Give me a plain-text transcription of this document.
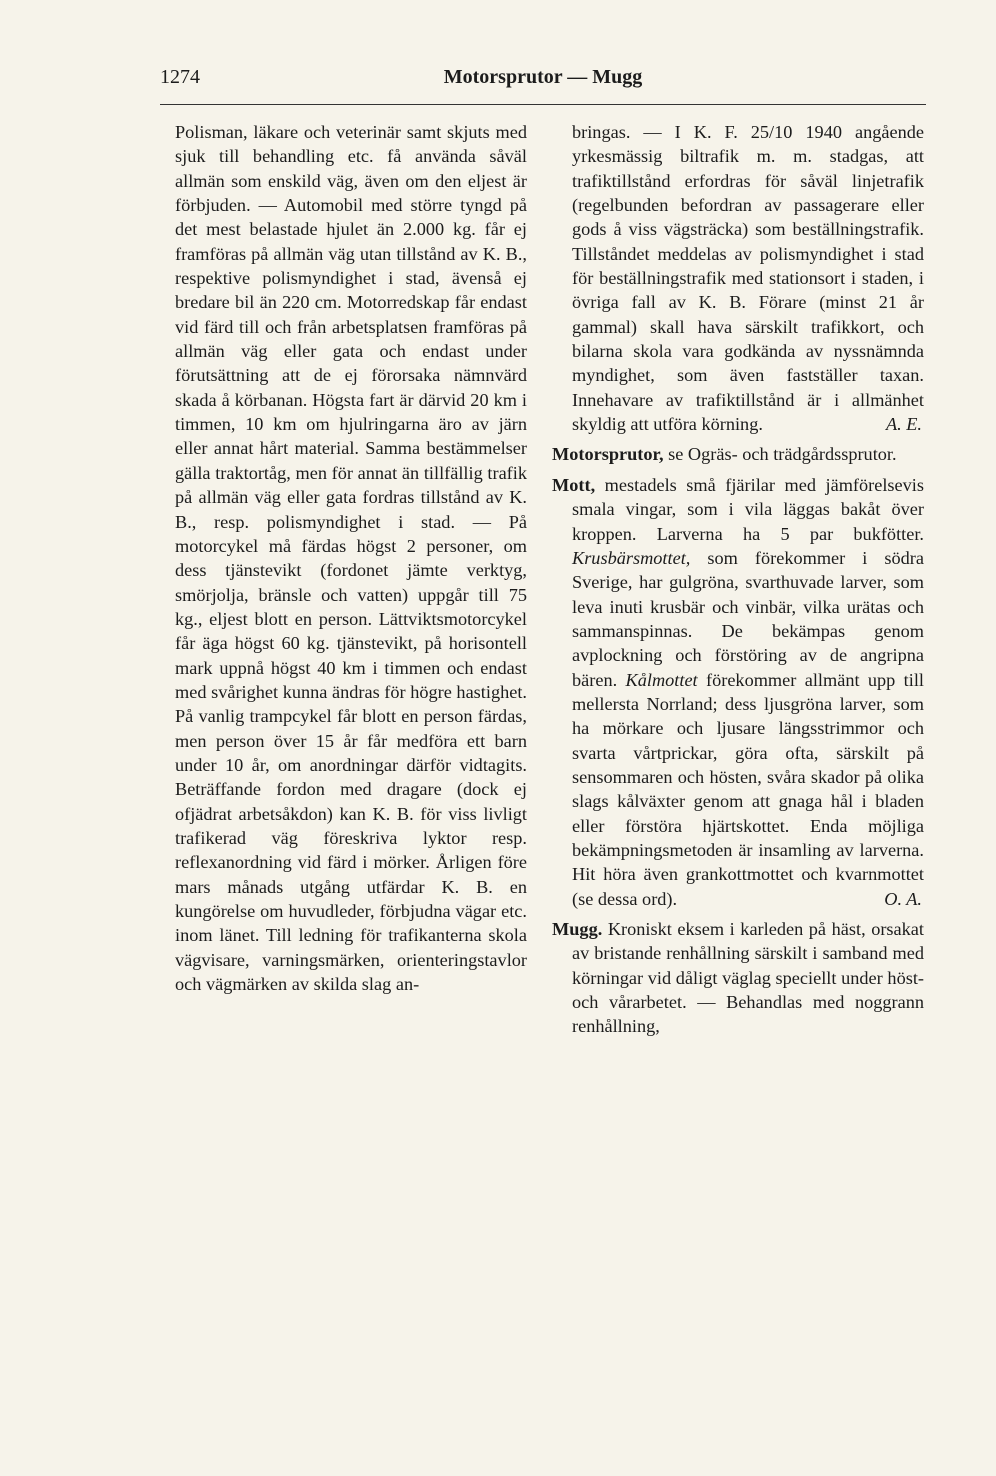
1274	Motorsprutor — Mugg

Polisman, läkare och veterinär samt skjuts med sjuk till behandling etc. få använda såväl allmän som enskild väg, även om den eljest är förbjuden. — Automobil med större tyngd på det mest belastade hjulet än 2.000 kg. får ej framföras på allmän väg utan tillstånd av K. B., respektive polismyndighet i stad, ävenså ej bredare bil än 220 cm. Motorredskap får endast vid färd till och från arbetsplatsen framföras på allmän väg eller gata och endast under förutsättning att de ej förorsaka nämnvärd skada å körbanan. Högsta fart är därvid 20 km i timmen, 10 km om hjulringarna äro av järn eller annat hårt material. Samma bestämmelser gälla traktortåg, men för annat än tillfällig trafik på allmän väg eller gata fordras tillstånd av K. B., resp. polismyndighet i stad. — På motorcykel må färdas högst 2 personer, om dess tjänstevikt (fordonet jämte verktyg, smörjolja, bränsle och vatten) uppgår till 75 kg., eljest blott en person. Lättviktsmotorcykel får äga högst 60 kg. tjänstevikt, på horisontell mark uppnå högst 40 km i timmen och endast med svårighet kunna ändras för högre hastighet. På vanlig trampcykel får blott en person färdas, men person över 15 år får medföra ett barn under 10 år, om anordningar därför vidtagits. Beträffande fordon med dragare (dock ej ofjädrat arbetsåkdon) kan K. B. för viss livligt trafikerad väg föreskriva lyktor resp. reflexanordning vid färd i mörker. Årligen före mars månads utgång utfärdar K. B. en kungörelse om huvudleder, förbjudna vägar etc. inom länet. Till ledning för trafikanterna skola vägvisare, varningsmärken, orienteringstavlor och vägmärken av skilda slag an-

bringas. — I K. F. 25/10 1940 angående yrkesmässig biltrafik m. m. stadgas, att trafiktillstånd erfordras för såväl linjetrafik (regelbunden befordran av passagerare eller gods å viss vägsträcka) som beställningstrafik. Tillståndet meddelas av polismyndighet i stad för beställningstrafik med stationsort i staden, i övriga fall av K. B. Förare (minst 21 år gammal) skall hava särskilt trafikkort, och bilarna skola vara godkända av nyssnämnda myndighet, som även fastställer taxan. Innehavare av trafiktillstånd är i allmänhet skyldig att utföra körning.	A. E.

Motorsprutor, se Ogräs- och trädgårdssprutor.

Mott, mestadels små fjärilar med jämförelsevis smala vingar, som i vila läggas bakåt över kroppen. Larverna ha 5 par bukfötter. Krusbärsmottet, som förekommer i södra Sverige, har gulgröna, svarthuvade larver, som leva inuti krusbär och vinbär, vilka urätas och sammanspinnas. De bekämpas genom avplockning och förstöring av de angripna bären. Kålmottet förekommer allmänt upp till mellersta Norrland; dess ljusgröna larver, som ha mörkare och ljusare längsstrimmor och svarta vårtprickar, göra ofta, särskilt på sensommaren och hösten, svåra skador på olika slags kålväxter genom att gnaga hål i bladen eller förstöra hjärtskottet. Enda möjliga bekämpningsmetoden är insamling av larverna. Hit höra även grankottmottet och kvarnmottet (se dessa ord).	O. A.

Mugg. Kroniskt eksem i karleden på häst, orsakat av bristande renhållning särskilt i samband med körningar vid dåligt väglag speciellt under höst- och vårarbetet. — Behandlas med noggrann renhållning,
